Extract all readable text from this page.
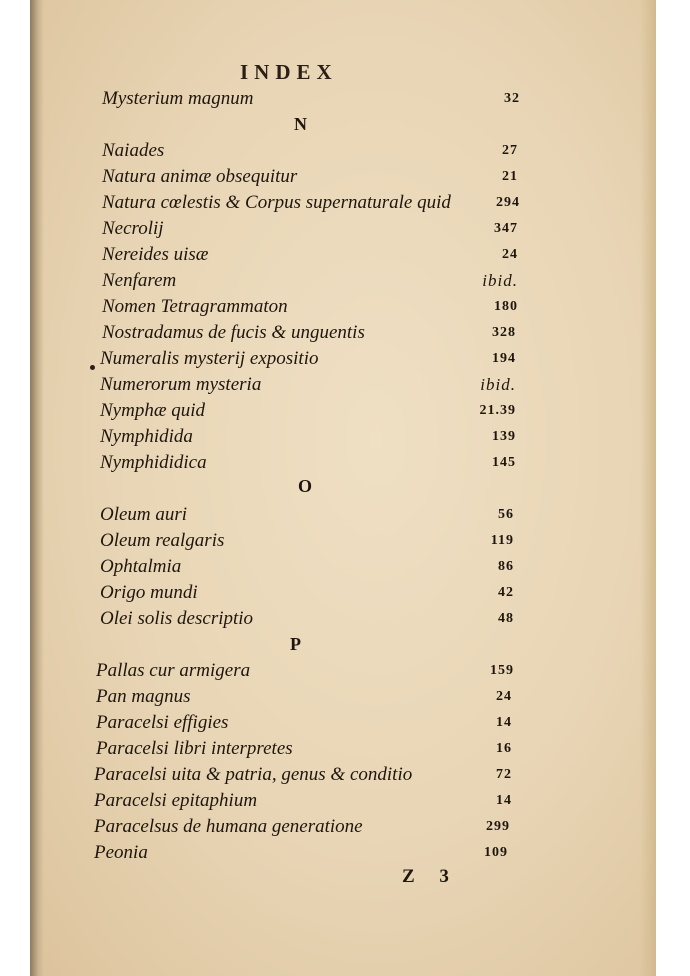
INDEX
Mysterium magnum	32
N
Naiades	27
Natura animæ obsequitur	21
Natura cœlestis & Corpus supernaturale quid	294
Necrolij	347
Nereides uisæ	24
Nenfarem	ibid.
Nomen Tetragrammaton	180
Nostradamus de fucis & unguentis	328
Numeralis mysterij expositio	194
Numerorum mysteria	ibid.
Nymphæ quid	21.39
Nymphidida	139
Nymphididica	145
O
Oleum auri	56
Oleum realgaris	119
Ophtalmia	86
Origo mundi	42
Olei solis descriptio	48
P
Pallas cur armigera	159
Pan magnus	24
Paracelsi effigies	14
Paracelsi libri interpretes	16
Paracelsi uita & patria, genus & conditio	72
Paracelsi epitaphium	14
Paracelsus de humana generatione	299
Peonia	109
Z 3
